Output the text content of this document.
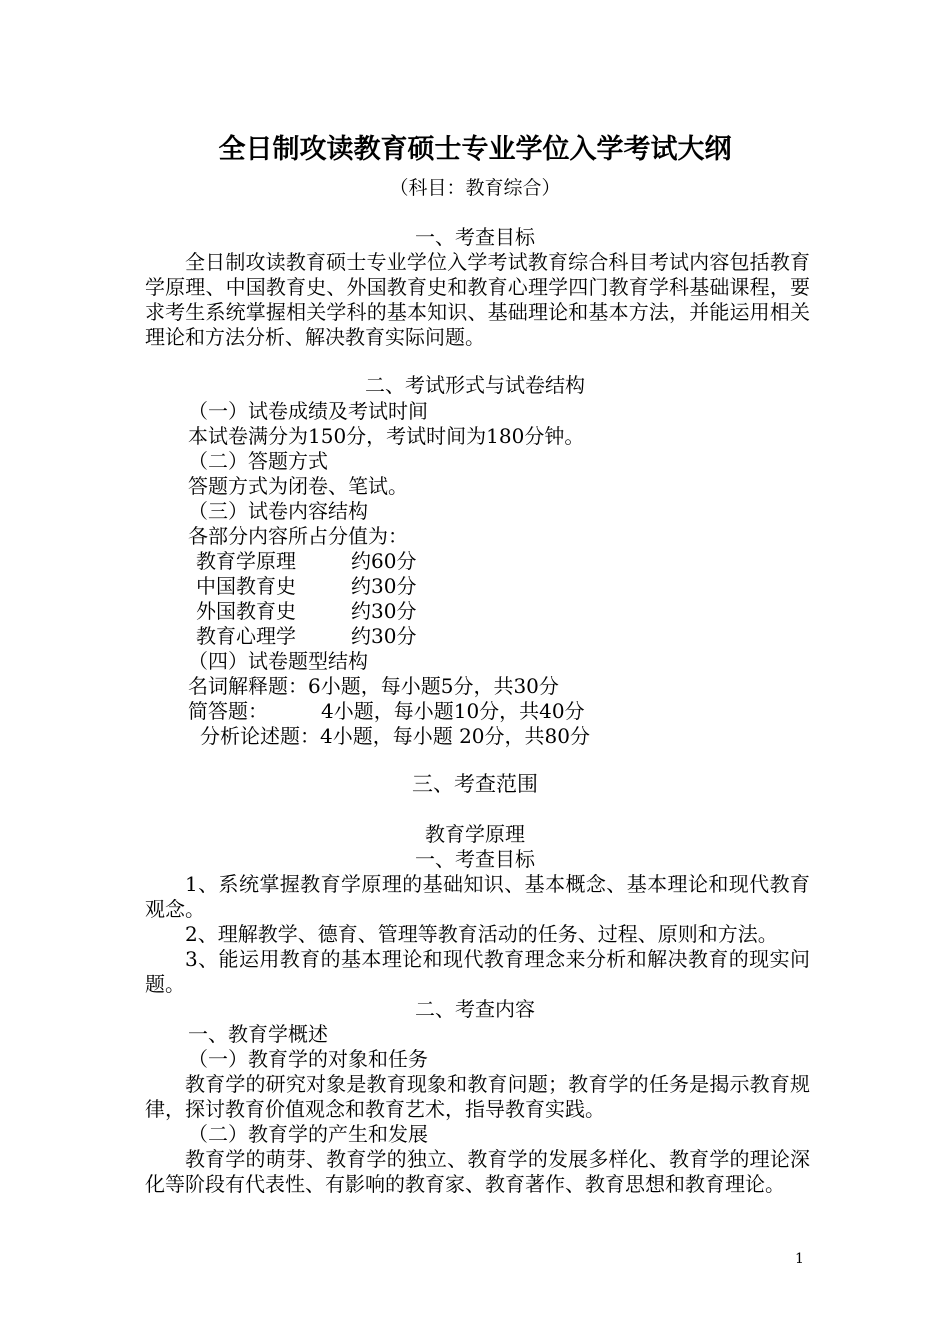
全日制攻读教育硕士专业学位入学考试大纲
（科目：教育综合）
一、考查目标
全日制攻读教育硕士专业学位入学考试教育综合科目考试内容包括教育学原理、中国教育史、外国教育史和教育心理学四门教育学科基础课程，要求考生系统掌握相关学科的基本知识、基础理论和基本方法，并能运用相关理论和方法分析、解决教育实际问题。
二、考试形式与试卷结构
（一）试卷成绩及考试时间
本试卷满分为150分，考试时间为180分钟。
（二）答题方式
答题方式为闭卷、笔试。
（三）试卷内容结构
各部分内容所占分值为：
教育学原理	约60分
中国教育史	约30分
外国教育史	约30分
教育心理学	约30分
（四）试卷题型结构
名词解释题：6小题，每小题5分，共30分
简答题：	4小题，每小题10分，共40分
分析论述题：4小题，每小题 20分，共80分
三、考查范围
教育学原理
一、考查目标
1、系统掌握教育学原理的基础知识、基本概念、基本理论和现代教育观念。
2、理解教学、德育、管理等教育活动的任务、过程、原则和方法。
3、能运用教育的基本理论和现代教育理念来分析和解决教育的现实问题。
二、考查内容
一、教育学概述
（一）教育学的对象和任务
教育学的研究对象是教育现象和教育问题；教育学的任务是揭示教育规律，探讨教育价值观念和教育艺术，指导教育实践。
（二）教育学的产生和发展
教育学的萌芽、教育学的独立、教育学的发展多样化、教育学的理论深化等阶段有代表性、有影响的教育家、教育著作、教育思想和教育理论。
1
